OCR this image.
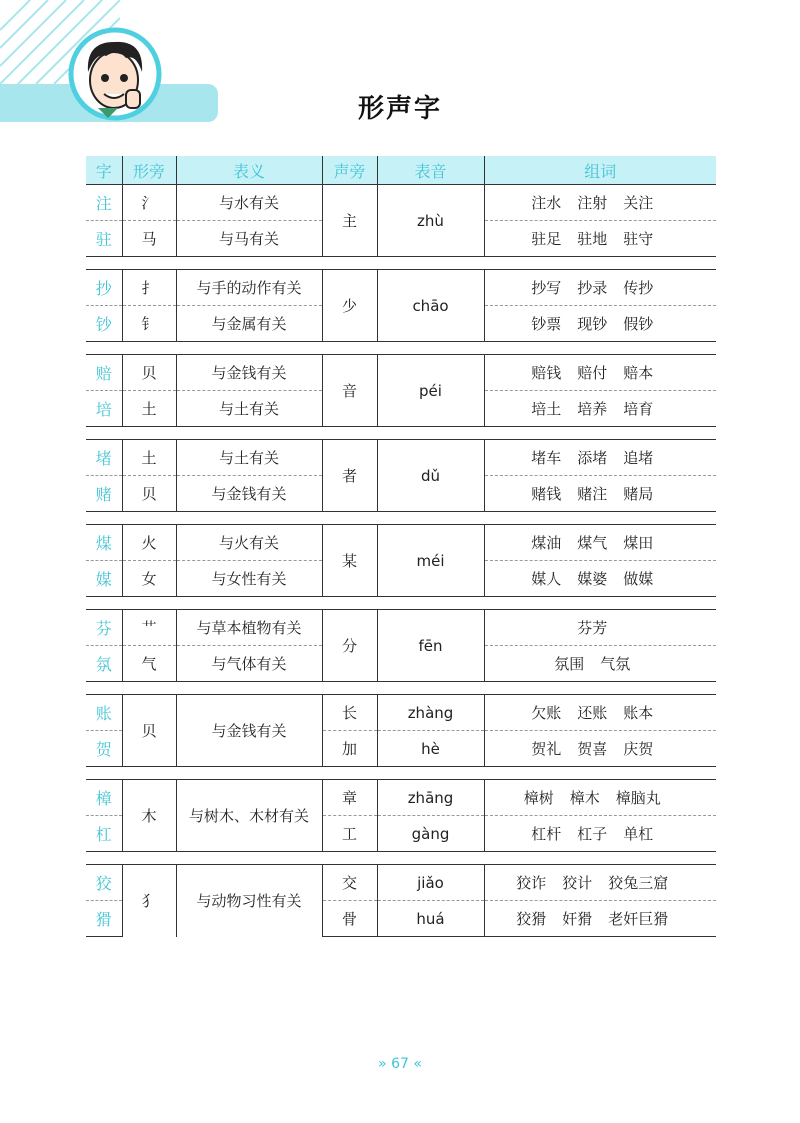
形声字
字	形旁	表义	声旁	表音	组词
注	氵	与水有关	主	zhù	注水 注射 关注
驻	马	与马有关			驻足 驻地 驻守

抄	扌	与手的动作有关	少	chāo	抄写 抄录 传抄
钞	钅	与金属有关			钞票 现钞 假钞

赔	贝	与金钱有关	音	péi	赔钱 赔付 赔本
培	土	与土有关			培土 培养 培育

堵	土	与土有关	者	dǔ	堵车 添堵 追堵
赌	贝	与金钱有关			赌钱 赌注 赌局

煤	火	与火有关	某	méi	煤油 煤气 煤田
媒	女	与女性有关			媒人 媒婆 做媒

芬	艹	与草本植物有关	分	fēn	芬芳
氛	气	与气体有关			氛围 气氛

账	贝	与金钱有关	长	zhàng	欠账 还账 账本
贺			加	hè	贺礼 贺喜 庆贺

樟	木	与树木、木材有关	章	zhāng	樟树 樟木 樟脑丸
杠			工	gàng	杠杆 杠子 单杠

狡	犭	与动物习性有关	交	jiǎo	狡诈 狡计 狡兔三窟
猾			骨	huá	狡猾 奸猾 老奸巨猾
» 67 «
